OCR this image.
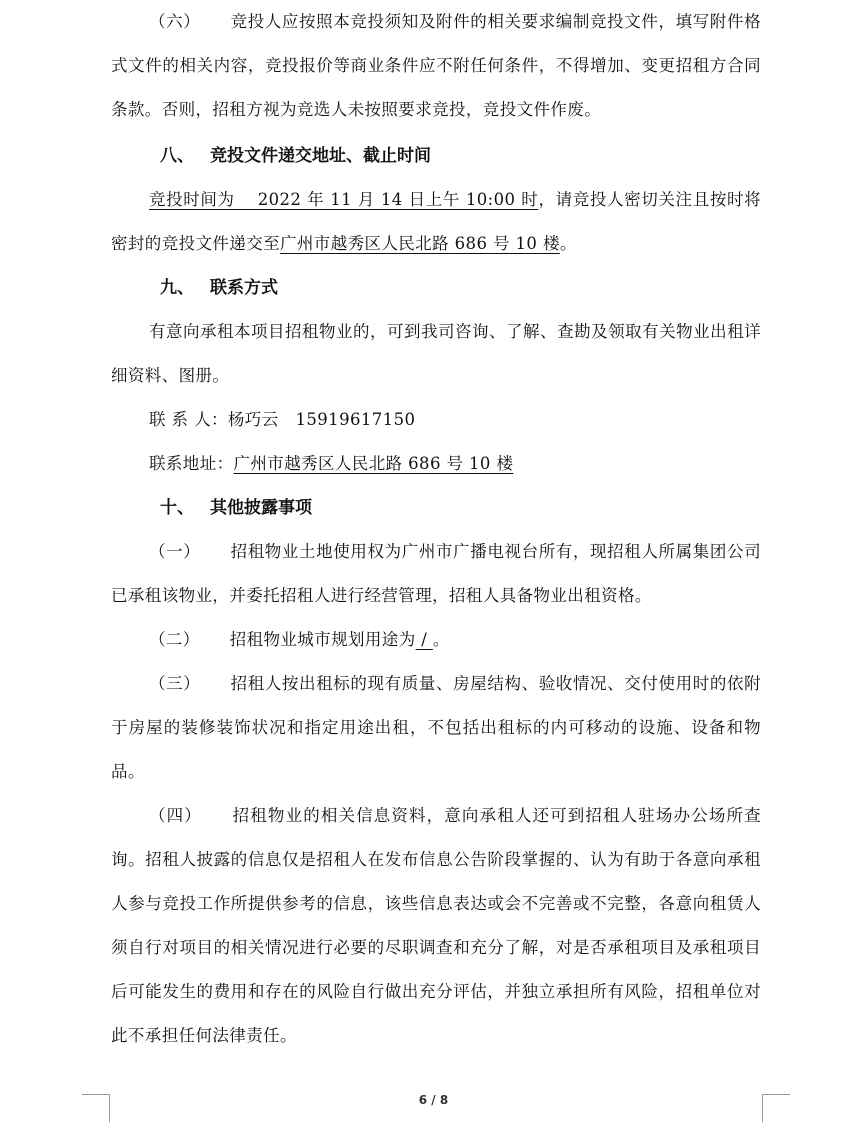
（六） 竞投人应按照本竞投须知及附件的相关要求编制竞投文件，填写附件格式文件的相关内容，竞投报价等商业条件应不附任何条件，不得增加、变更招租方合同条款。否则，招租方视为竞选人未按照要求竞投，竞投文件作废。

八、 竞投文件递交地址、截止时间

竞投时间为　 2022 年 11 月 14 日上午 10:00 时，请竞投人密切关注且按时将密封的竞投文件递交至广州市越秀区人民北路 686 号 10 楼。

九、 联系方式

有意向承租本项目招租物业的，可到我司咨询、了解、查勘及领取有关物业出租详细资料、图册。

联 系 人：杨巧云　15919617150

联系地址：广州市越秀区人民北路 686 号 10 楼

十、 其他披露事项

（一） 招租物业土地使用权为广州市广播电视台所有，现招租人所属集团公司已承租该物业，并委托招租人进行经营管理，招租人具备物业出租资格。

（二） 招租物业城市规划用途为 / 。

（三） 招租人按出租标的现有质量、房屋结构、验收情况、交付使用时的依附于房屋的装修装饰状况和指定用途出租，不包括出租标的内可移动的设施、设备和物品。

（四） 招租物业的相关信息资料，意向承租人还可到招租人驻场办公场所查询。招租人披露的信息仅是招租人在发布信息公告阶段掌握的、认为有助于各意向承租人参与竞投工作所提供参考的信息，该些信息表达或会不完善或不完整，各意向租赁人须自行对项目的相关情况进行必要的尽职调查和充分了解，对是否承租项目及承租项目后可能发生的费用和存在的风险自行做出充分评估，并独立承担所有风险，招租单位对此不承担任何法律责任。

6 / 8
